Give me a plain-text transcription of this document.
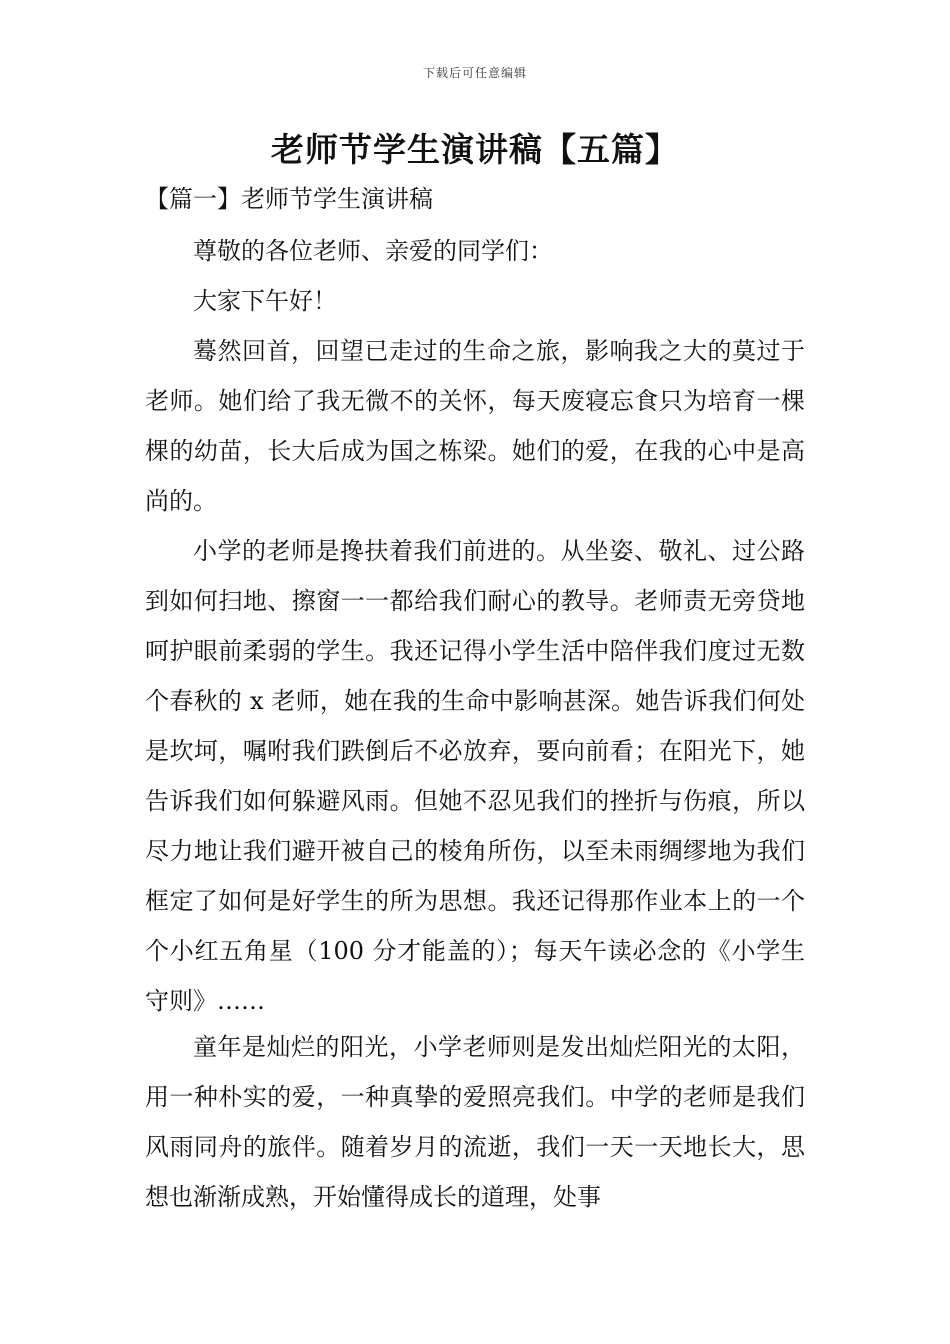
下载后可任意编辑
老师节学生演讲稿【五篇】
【篇一】老师节学生演讲稿

尊敬的各位老师、亲爱的同学们：

大家下午好！

蓦然回首，回望已走过的生命之旅，影响我之大的莫过于老师。她们给了我无微不的关怀，每天废寝忘食只为培育一棵棵的幼苗，长大后成为国之栋梁。她们的爱，在我的心中是高尚的。

小学的老师是搀扶着我们前进的。从坐姿、敬礼、过公路到如何扫地、擦窗一一都给我们耐心的教导。老师责无旁贷地呵护眼前柔弱的学生。我还记得小学生活中陪伴我们度过无数个春秋的 x 老师，她在我的生命中影响甚深。她告诉我们何处是坎坷，嘱咐我们跌倒后不必放弃，要向前看；在阳光下，她告诉我们如何躲避风雨。但她不忍见我们的挫折与伤痕，所以尽力地让我们避开被自己的棱角所伤，以至未雨绸缪地为我们框定了如何是好学生的所为思想。我还记得那作业本上的一个个小红五角星（100 分才能盖的）；每天午读必念的《小学生守则》……

童年是灿烂的阳光，小学老师则是发出灿烂阳光的太阳，用一种朴实的爱，一种真挚的爱照亮我们。中学的老师是我们风雨同舟的旅伴。随着岁月的流逝，我们一天一天地长大，思想也渐渐成熟，开始懂得成长的道理，处事
